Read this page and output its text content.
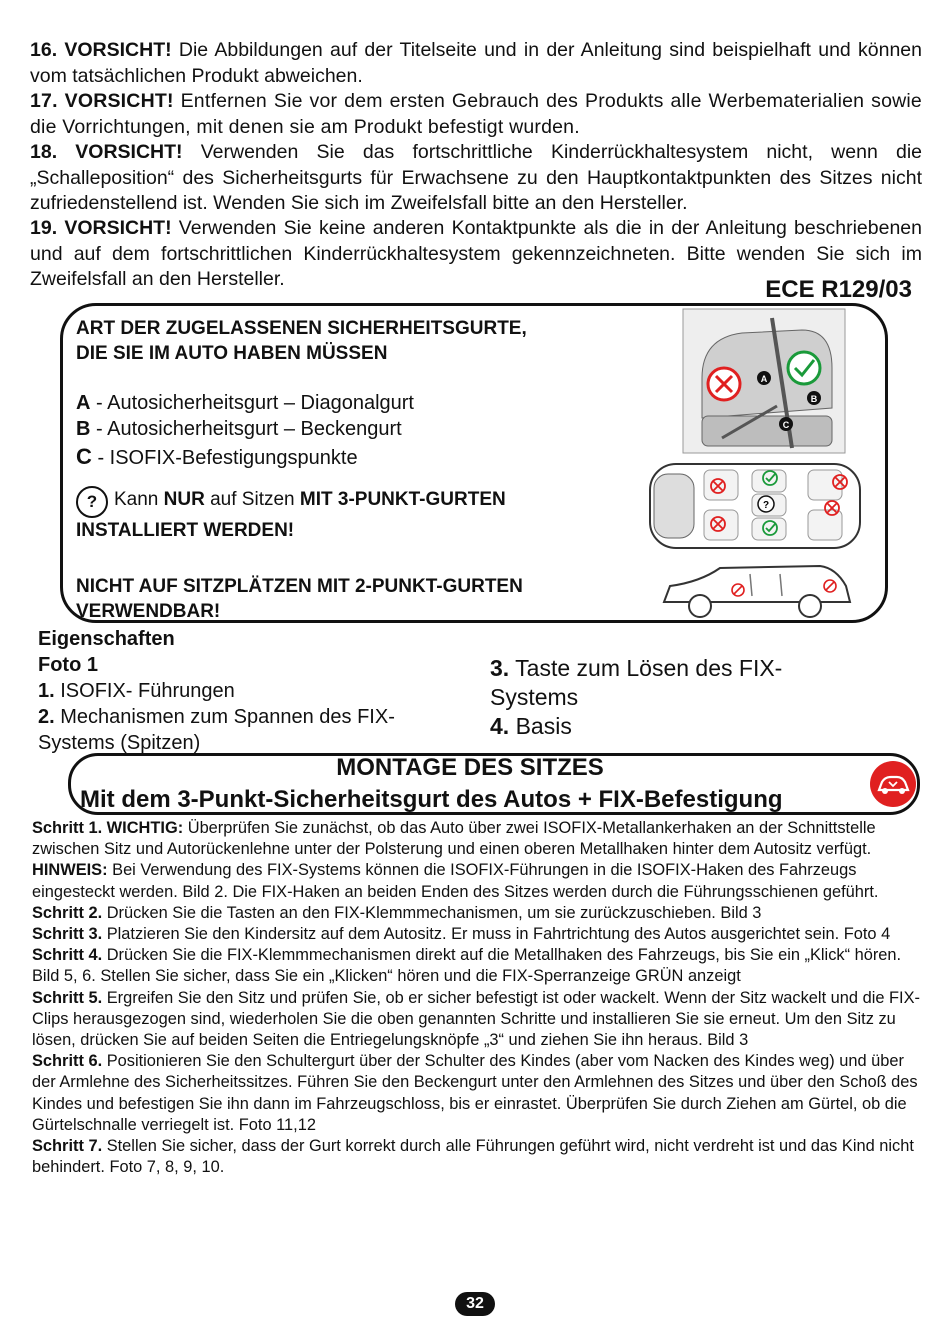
16. VORSICHT! Die Abbildungen auf der Titelseite und in der Anleitung sind beispielhaft und können vom tatsächlichen Produkt abweichen.
17. VORSICHT! Entfernen Sie vor dem ersten Gebrauch des Produkts alle Werbematerialien sowie die Vorrichtungen, mit denen sie am Produkt befestigt wurden.
18. VORSICHT! Verwenden Sie das fortschrittliche Kinderrückhaltesystem nicht, wenn die „Schalleposition“ des Sicherheitsgurts für Erwachsene zu den Hauptkontaktpunkten des Sitzes nicht zufriedenstellend ist. Wenden Sie sich im Zweifelsfall bitte an den Hersteller.
19. VORSICHT! Verwenden Sie keine anderen Kontaktpunkte als die in der Anleitung beschriebenen und auf dem fortschrittlichen Kinderrückhaltesystem gekennzeichneten. Bitte wenden Sie sich im Zweifelsfall an den Hersteller.	ECE R129/03
ART DER ZUGELASSENEN SICHERHEITSGURTE,
DIE SIE IM AUTO HABEN MÜSSEN
A - Autosicherheitsgurt – Diagonalgurt
B - Autosicherheitsgurt – Beckengurt
C - ISOFIX-Befestigungspunkte
? Kann NUR auf Sitzen MIT 3-PUNKT-GURTEN
INSTALLIERT WERDEN!
NICHT AUF SITZPLÄTZEN MIT 2-PUNKT-GURTEN
VERWENDBAR!
A
B
C
?
Eigenschaften
Foto 1
1. ISOFIX- Führungen
2. Mechanismen zum Spannen des FIX-
Systems (Spitzen)
3. Taste zum Lösen des FIX-
Systems
4. Basis
MONTAGE DES SITZES
Mit dem 3-Punkt-Sicherheitsgurt des Autos + FIX-Befestigung

Schritt 1. WICHTIG: Überprüfen Sie zunächst, ob das Auto über zwei ISOFIX-Metallankerhaken an der Schnittstelle zwischen Sitz und Autorückenlehne unter der Polsterung und einen oberen Metallhaken hinter dem Autositz verfügt.

HINWEIS: Bei Verwendung des FIX-Systems können die ISOFIX-Führungen in die ISOFIX-Haken des Fahrzeugs eingesteckt werden. Bild 2. Die FIX-Haken an beiden Enden des Sitzes werden durch die Führungsschienen geführt.

Schritt 2. Drücken Sie die Tasten an den FIX-Klemmmechanismen, um sie zurückzuschieben. Bild 3

Schritt 3. Platzieren Sie den Kindersitz auf dem Autositz. Er muss in Fahrtrichtung des Autos ausgerichtet sein. Foto 4

Schritt 4. Drücken Sie die FIX-Klemmmechanismen direkt auf die Metallhaken des Fahrzeugs, bis Sie ein „Klick“ hören. Bild 5, 6. Stellen Sie sicher, dass Sie ein „Klicken“ hören und die FIX-Sperranzeige GRÜN anzeigt

Schritt 5. Ergreifen Sie den Sitz und prüfen Sie, ob er sicher befestigt ist oder wackelt. Wenn der Sitz wackelt und die FIX-Clips herausgezogen sind, wiederholen Sie die oben genannten Schritte und installieren Sie sie erneut. Um den Sitz zu lösen, drücken Sie auf beiden Seiten die Entriegelungsknöpfe „3“ und ziehen Sie ihn heraus. Bild 3

Schritt 6. Positionieren Sie den Schultergurt über der Schulter des Kindes (aber vom Nacken des Kindes weg) und über der Armlehne des Sicherheitssitzes. Führen Sie den Beckengurt unter den Armlehnen des Sitzes und über den Schoß des Kindes und befestigen Sie ihn dann im Fahrzeugschloss, bis er einrastet. Überprüfen Sie durch Ziehen am Gürtel, ob die Gürtelschnalle verriegelt ist. Foto 11,12

Schritt 7. Stellen Sie sicher, dass der Gurt korrekt durch alle Führungen geführt wird, nicht verdreht ist und das Kind nicht behindert. Foto 7, 8, 9, 10.

32
